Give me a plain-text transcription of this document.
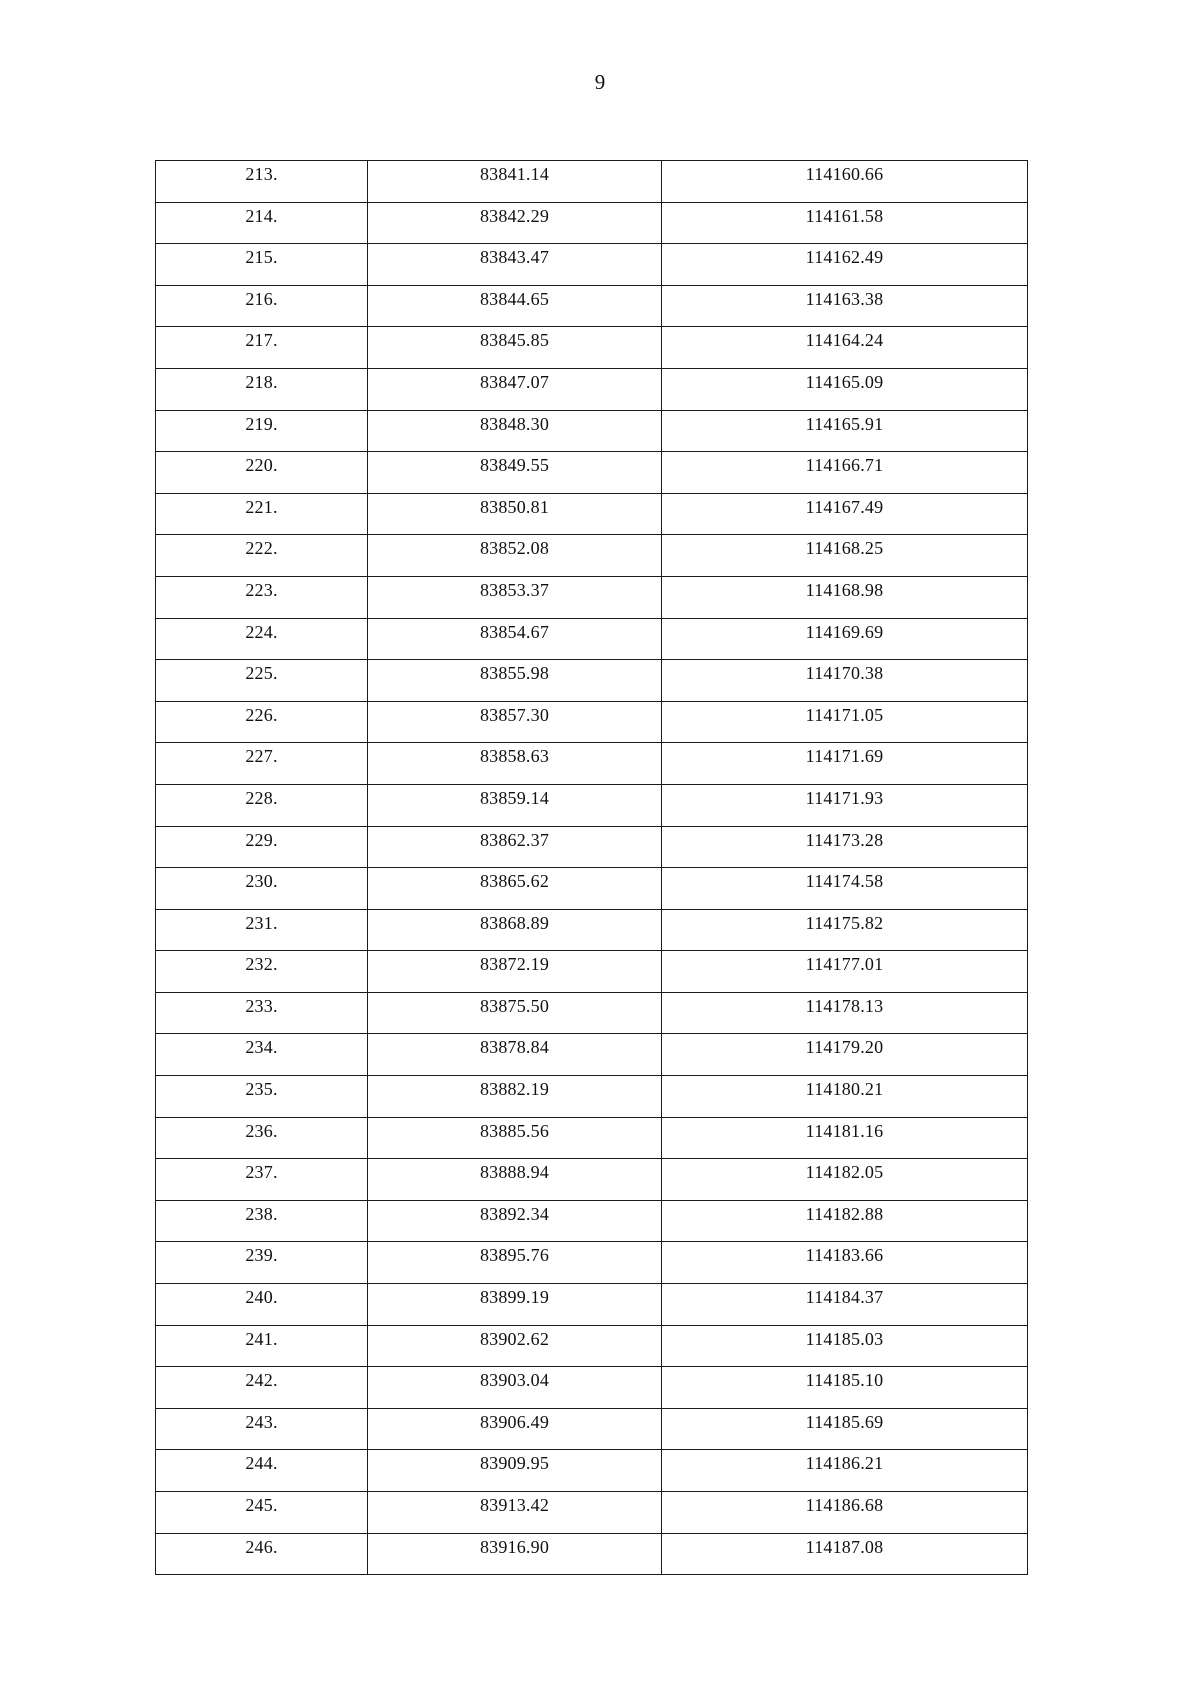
9
213.	83841.14	114160.66

214.	83842.29	114161.58

215.	83843.47	114162.49

216.	83844.65	114163.38

217.	83845.85	114164.24

218.	83847.07	114165.09

219.	83848.30	114165.91

220.	83849.55	114166.71

221.	83850.81	114167.49

222.	83852.08	114168.25

223.	83853.37	114168.98

224.	83854.67	114169.69

225.	83855.98	114170.38

226.	83857.30	114171.05

227.	83858.63	114171.69

228.	83859.14	114171.93

229.	83862.37	114173.28

230.	83865.62	114174.58

231.	83868.89	114175.82

232.	83872.19	114177.01

233.	83875.50	114178.13

234.	83878.84	114179.20

235.	83882.19	114180.21

236.	83885.56	114181.16

237.	83888.94	114182.05

238.	83892.34	114182.88

239.	83895.76	114183.66

240.	83899.19	114184.37

241.	83902.62	114185.03

242.	83903.04	114185.10

243.	83906.49	114185.69

244.	83909.95	114186.21

245.	83913.42	114186.68

246.	83916.90	114187.08
